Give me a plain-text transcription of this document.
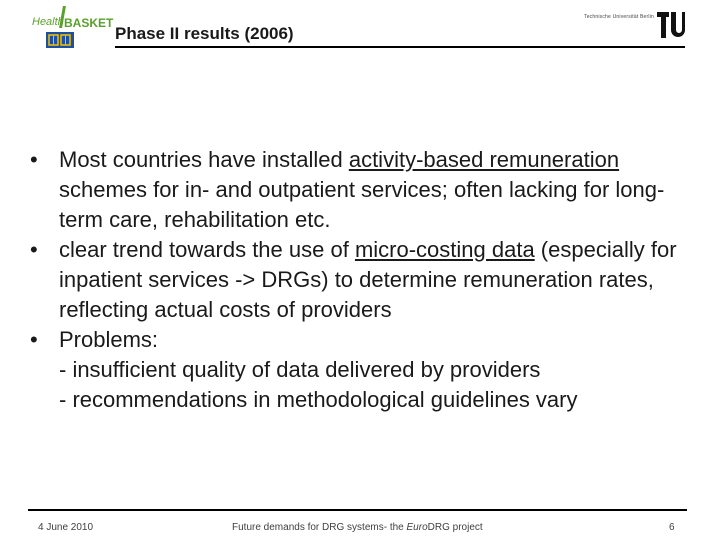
Health BASKET
Phase II results (2006)
Technische Universität Berlin
• Most countries have installed activity-based remuneration schemes for in- and outpatient services; often lacking for long-term care, rehabilitation etc.
• clear trend towards the use of micro-costing data (especially for inpatient services -> DRGs) to determine remuneration rates, reflecting actual costs of providers
• Problems:
- insufficient quality of data delivered by providers
- recommendations in methodological guidelines vary
4 June 2010	Future demands for DRG systems- the EuroDRG project	6
